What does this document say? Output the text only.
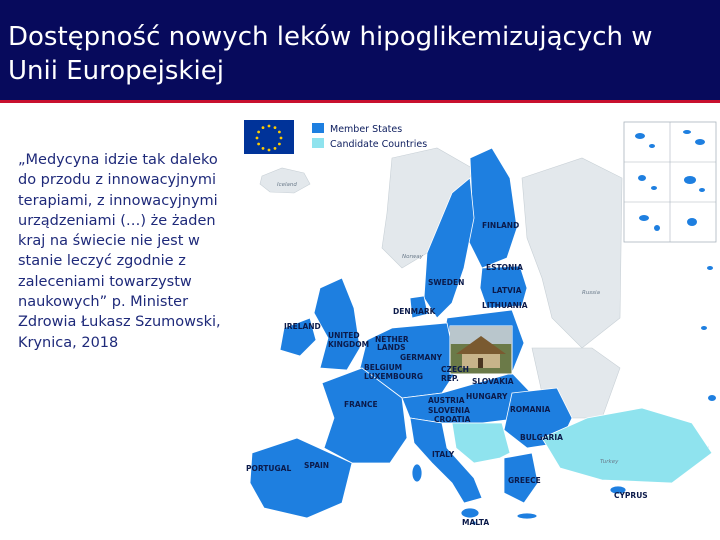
Dostępność nowych leków hipoglikemizujących w Unii Europejskiej
„Medycyna idzie tak daleko do przodu z innowacyjnymi terapiami, z innowacyjnymi urządzeniami (…) że żaden kraj na świecie nie jest w stanie leczyć zgodnie z zaleceniami towarzystw naukowych” p. Minister Zdrowia Łukasz Szumowski, Krynica, 2018
Member States
Candidate Countries
Iceland
Norway
Russia
FINLAND
ESTONIA
SWEDEN
LATVIA
LITHUANIA
DENMARK
IRELAND
UNITED
KINGDOM
NETHER
LANDS
GERMANY
BELGIUM
LUXEMBOURG
CZECH
REP. SLOVAKIA
AUSTRIA HUNGARY
FRANCE
SLOVENIA
CROATIA
ROMANIA
BULGARIA
ITALY
PORTUGAL SPAIN
GREECE
Turkey
CYPRUS
MALTA
